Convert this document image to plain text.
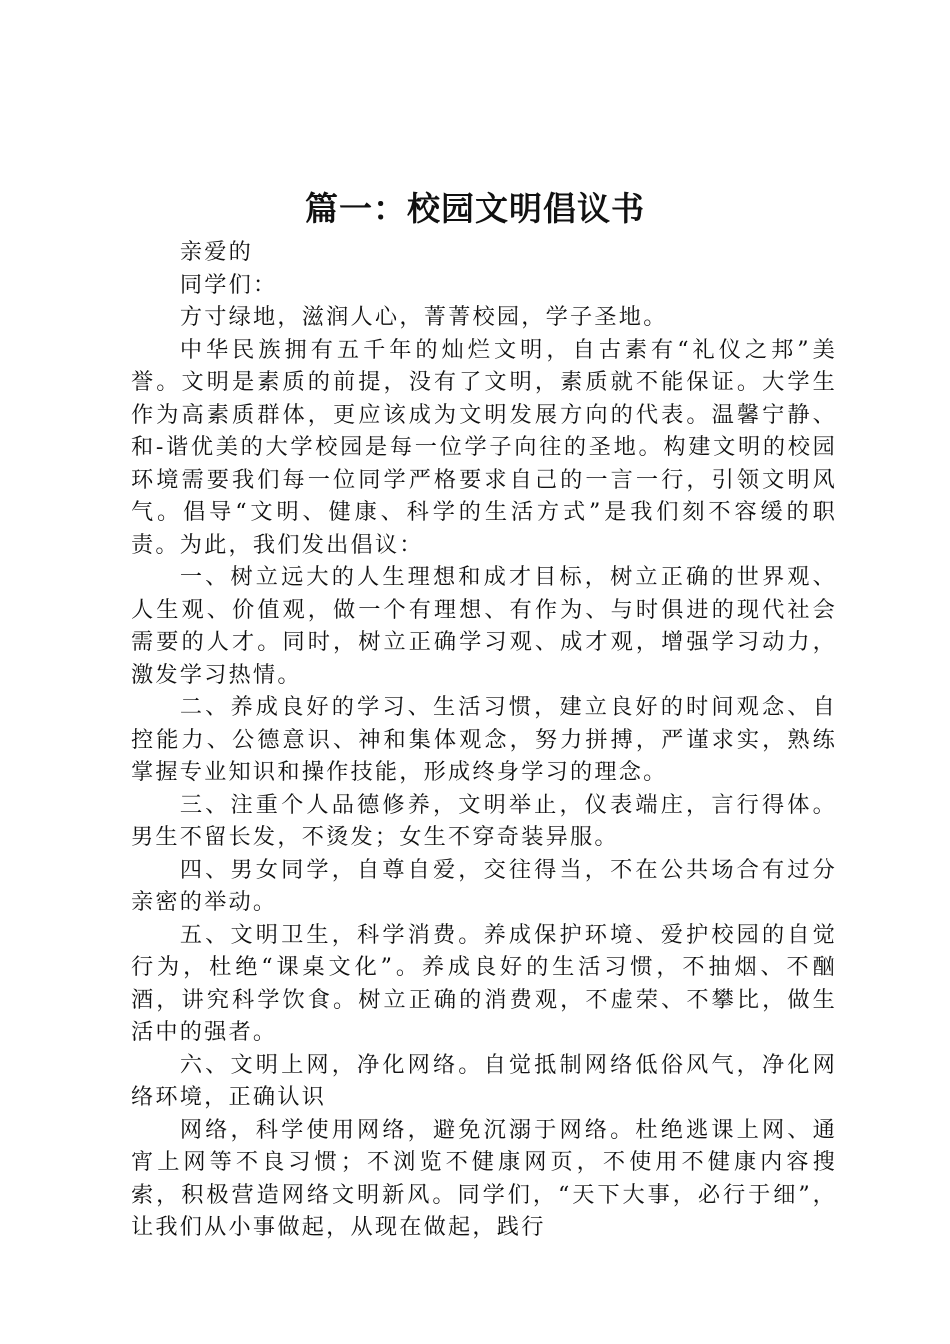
篇一：校园文明倡议书

亲爱的

同学们：

方寸绿地，滋润人心，菁菁校园，学子圣地。

中华民族拥有五千年的灿烂文明，自古素有“礼仪之邦”美誉。文明是素质的前提，没有了文明，素质就不能保证。大学生作为高素质群体，更应该成为文明发展方向的代表。温馨宁静、和-谐优美的大学校园是每一位学子向往的圣地。构建文明的校园环境需要我们每一位同学严格要求自己的一言一行，引领文明风气。倡导“文明、健康、科学的生活方式”是我们刻不容缓的职责。为此，我们发出倡议：

一、树立远大的人生理想和成才目标，树立正确的世界观、人生观、价值观，做一个有理想、有作为、与时俱进的现代社会需要的人才。同时，树立正确学习观、成才观，增强学习动力，激发学习热情。

二、养成良好的学习、生活习惯，建立良好的时间观念、自控能力、公德意识、神和集体观念，努力拼搏，严谨求实，熟练掌握专业知识和操作技能，形成终身学习的理念。

三、注重个人品德修养，文明举止，仪表端庄，言行得体。男生不留长发，不烫发；女生不穿奇装异服。

四、男女同学，自尊自爱，交往得当，不在公共场合有过分亲密的举动。

五、文明卫生，科学消费。养成保护环境、爱护校园的自觉行为，杜绝“课桌文化”。养成良好的生活习惯，不抽烟、不酗酒，讲究科学饮食。树立正确的消费观，不虚荣、不攀比，做生活中的强者。

六、文明上网，净化网络。自觉抵制网络低俗风气，净化网络环境，正确认识

网络，科学使用网络，避免沉溺于网络。杜绝逃课上网、通宵上网等不良习惯；不浏览不健康网页，不使用不健康内容搜索，积极营造网络文明新风。同学们，“天下大事，必行于细”，让我们从小事做起，从现在做起，践行
